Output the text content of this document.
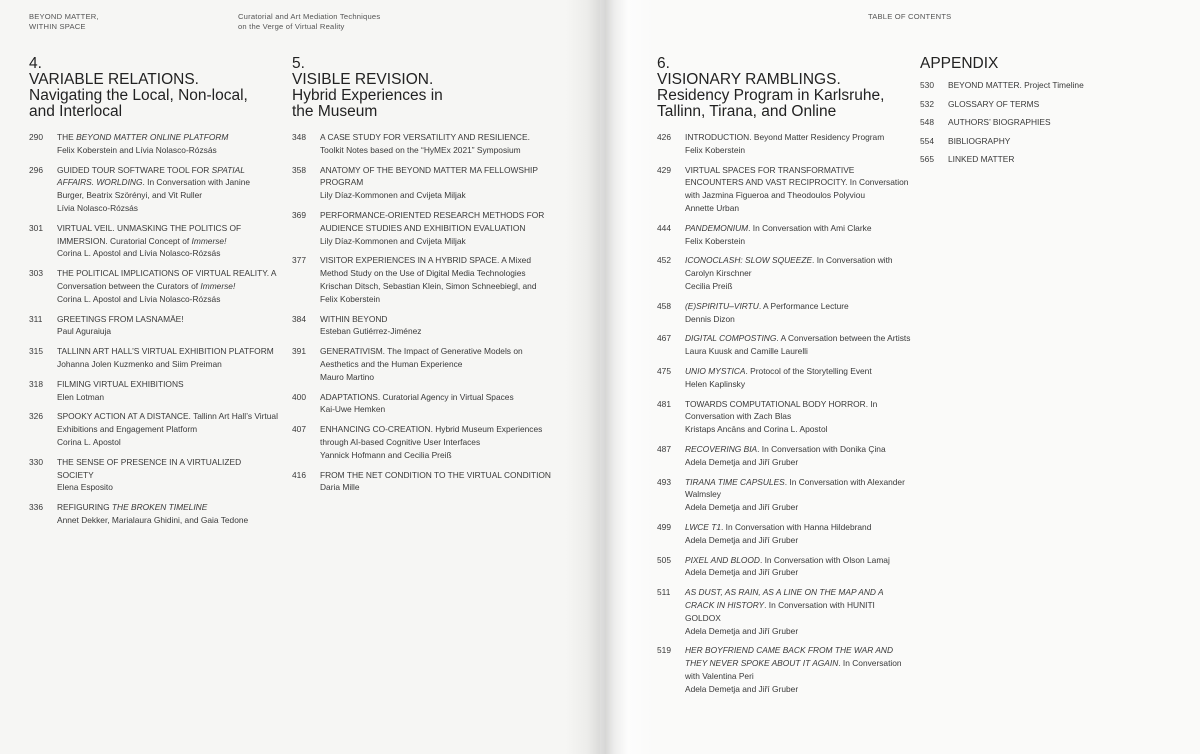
BEYOND MATTER,
WITHIN SPACE
Curatorial and Art Mediation Techniques
on the Verge of Virtual Reality
TABLE OF CONTENTS
4.
VARIABLE RELATIONS.
Navigating the Local, Non-local,
and Interlocal
290	THE BEYOND MATTER ONLINE PLATFORM
Felix Koberstein and Lívia Nolasco-Rózsás
296	GUIDED TOUR SOFTWARE TOOL FOR SPATIAL AFFAIRS. WORLDING. In Conversation with Janine Burger, Beatrix Szörényi, and Vit Ruller
Lívia Nolasco-Rózsás
301	VIRTUAL VEIL. UNMASKING THE POLITICS OF IMMERSION. Curatorial Concept of Immerse!
Corina L. Apostol and Lívia Nolasco-Rózsás
303	THE POLITICAL IMPLICATIONS OF VIRTUAL REALITY. A Conversation between the Curators of Immerse!
Corina L. Apostol and Lívia Nolasco-Rózsás
311	GREETINGS FROM LASNAMÄE!
Paul Aguraiuja
315	TALLINN ART HALL’S VIRTUAL EXHIBITION PLATFORM
Johanna Jolen Kuzmenko and Siim Preiman
318	FILMING VIRTUAL EXHIBITIONS
Elen Lotman
326	SPOOKY ACTION AT A DISTANCE. Tallinn Art Hall’s Virtual Exhibitions and Engagement Platform
Corina L. Apostol
330	THE SENSE OF PRESENCE IN A VIRTUALIZED SOCIETY
Elena Esposito
336	REFIGURING THE BROKEN TIMELINE
Annet Dekker, Marialaura Ghidini, and Gaia Tedone
5.
VISIBLE REVISION.
Hybrid Experiences in
the Museum
348	A CASE STUDY FOR VERSATILITY AND RESILIENCE. Toolkit Notes based on the “HyMEx 2021” Symposium
358	ANATOMY OF THE BEYOND MATTER MA FELLOWSHIP PROGRAM
Lily Díaz-Kommonen and Cvijeta Miljak
369	PERFORMANCE-ORIENTED RESEARCH METHODS FOR AUDIENCE STUDIES AND EXHIBITION EVALUATION
Lily Díaz-Kommonen and Cvijeta Miljak
377	VISITOR EXPERIENCES IN A HYBRID SPACE. A Mixed Method Study on the Use of Digital Media Technologies
Krischan Ditsch, Sebastian Klein, Simon Schneebiegl, and Felix Koberstein
384	WITHIN BEYOND
Esteban Gutiérrez-Jiménez
391	GENERATIVISM. The Impact of Generative Models on Aesthetics and the Human Experience
Mauro Martino
400	ADAPTATIONS. Curatorial Agency in Virtual Spaces
Kai-Uwe Hemken
407	ENHANCING CO-CREATION. Hybrid Museum Experiences through AI-based Cognitive User Interfaces
Yannick Hofmann and Cecilia Preiß
416	FROM THE NET CONDITION TO THE VIRTUAL CONDITION
Daria Mille
6.
VISIONARY RAMBLINGS.
Residency Program in Karlsruhe,
Tallinn, Tirana, and Online
426	INTRODUCTION. Beyond Matter Residency Program
Felix Koberstein
429	VIRTUAL SPACES FOR TRANSFORMATIVE ENCOUNTERS AND VAST RECIPROCITY. In Conversation with Jazmina Figueroa and Theodoulos Polyviou
Annette Urban
444	PANDEMONIUM. In Conversation with Ami Clarke
Felix Koberstein
452	ICONOCLASH: SLOW SQUEEZE. In Conversation with Carolyn Kirschner
Cecilia Preiß
458	(E)SPIRITU–VIRTU. A Performance Lecture
Dennis Dizon
467	DIGITAL COMPOSTING. A Conversation between the Artists
Laura Kuusk and Camille Laurelli
475	UNIO MYSTICA. Protocol of the Storytelling Event
Helen Kaplinsky
481	TOWARDS COMPUTATIONAL BODY HORROR. In Conversation with Zach Blas
Kristaps Ancāns and Corina L. Apostol
487	RECOVERING BIA. In Conversation with Donika Çina
Adela Demetja and Jiří Gruber
493	TIRANA TIME CAPSULES. In Conversation with Alexander Walmsley
Adela Demetja and Jiří Gruber
499	LWCE T1. In Conversation with Hanna Hildebrand
Adela Demetja and Jiří Gruber
505	PIXEL AND BLOOD. In Conversation with Olson Lamaj
Adela Demetja and Jiří Gruber
511	AS DUST, AS RAIN, AS A LINE ON THE MAP AND A CRACK IN HISTORY. In Conversation with HUNITI GOLDOX
Adela Demetja and Jiří Gruber
519	HER BOYFRIEND CAME BACK FROM THE WAR AND THEY NEVER SPOKE ABOUT IT AGAIN. In Conversation with Valentina Peri
Adela Demetja and Jiří Gruber
APPENDIX
530	BEYOND MATTER. Project Timeline
532	GLOSSARY OF TERMS
548	AUTHORS’ BIOGRAPHIES
554	BIBLIOGRAPHY
565	LINKED MATTER
